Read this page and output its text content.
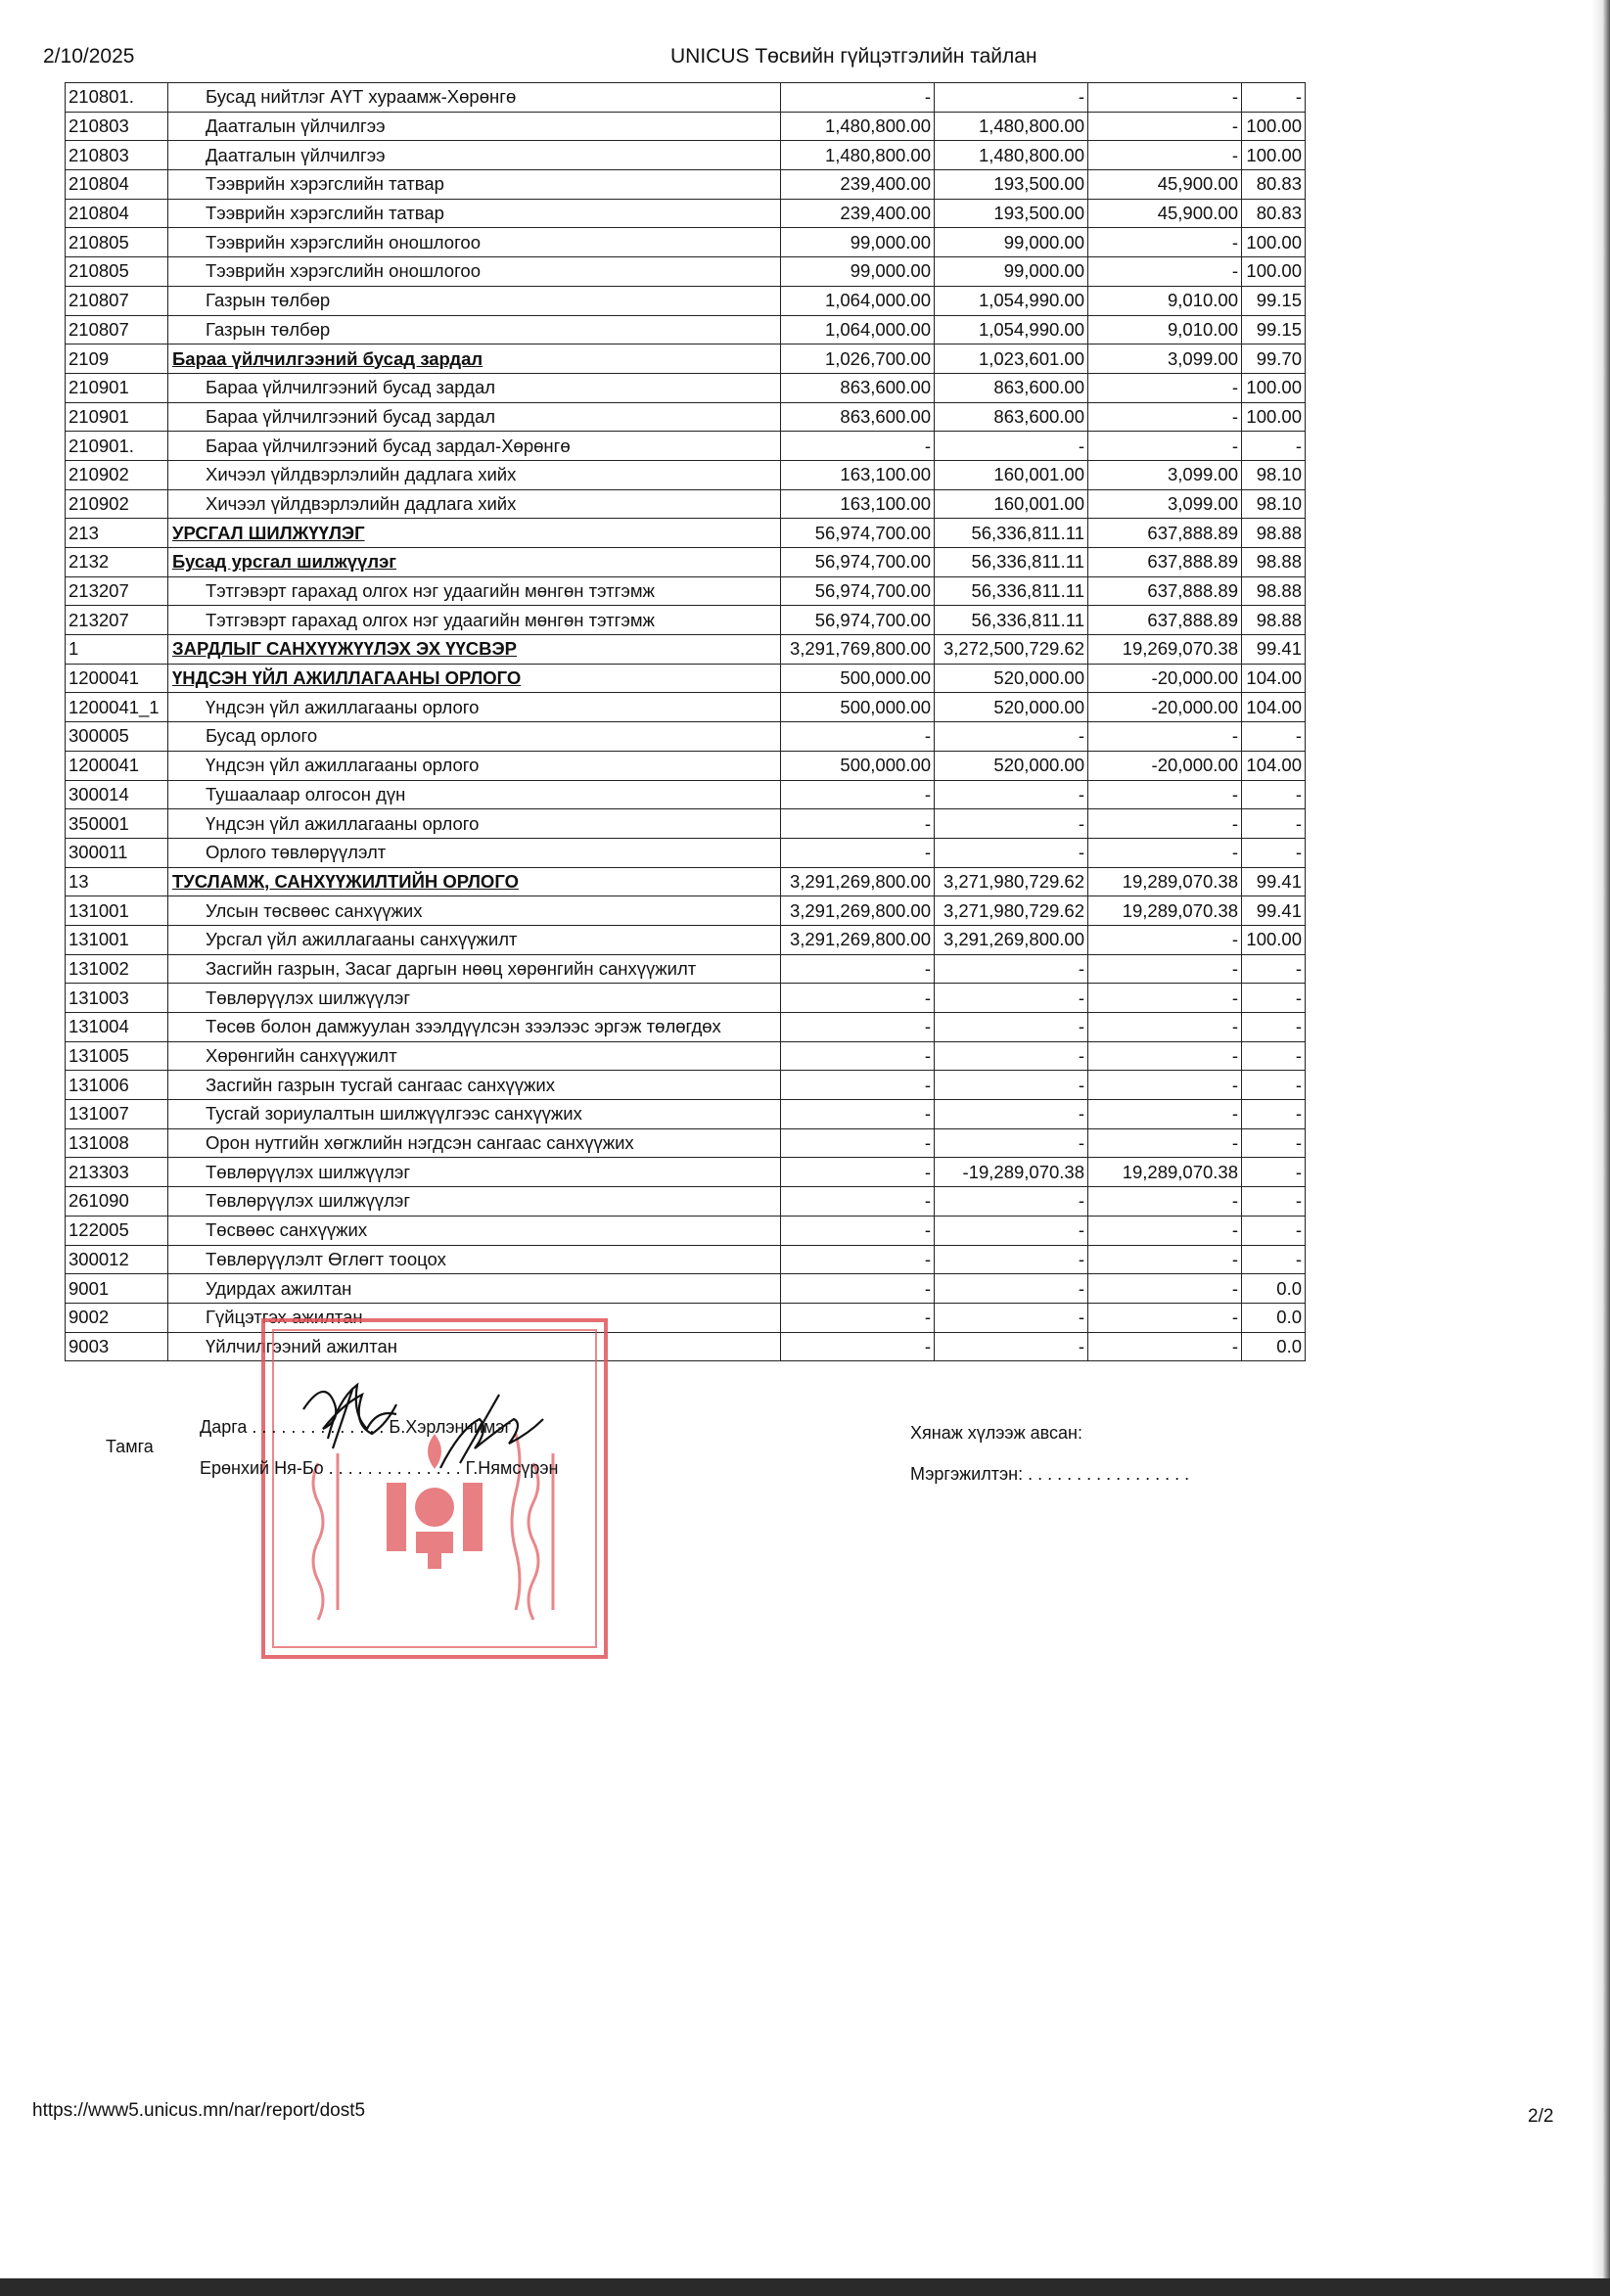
2/10/2025	UNICUS Төсвийн гүйцэтгэлийн тайлан
210801.	Бусад нийтлэг АҮТ хураамж-Хөрөнгө	-	-	-	-
210803	Даатгалын үйлчилгээ	1,480,800.00	1,480,800.00	-	100.00
210803	Даатгалын үйлчилгээ	1,480,800.00	1,480,800.00	-	100.00
210804	Тээврийн хэрэгслийн татвар	239,400.00	193,500.00	45,900.00	80.83
210804	Тээврийн хэрэгслийн татвар	239,400.00	193,500.00	45,900.00	80.83
210805	Тээврийн хэрэгслийн оношлогоо	99,000.00	99,000.00	-	100.00
210805	Тээврийн хэрэгслийн оношлогоо	99,000.00	99,000.00	-	100.00
210807	Газрын төлбөр	1,064,000.00	1,054,990.00	9,010.00	99.15
210807	Газрын төлбөр	1,064,000.00	1,054,990.00	9,010.00	99.15
2109	Бараа үйлчилгээний бусад зардал	1,026,700.00	1,023,601.00	3,099.00	99.70
210901	Бараа үйлчилгээний бусад зардал	863,600.00	863,600.00	-	100.00
210901	Бараа үйлчилгээний бусад зардал	863,600.00	863,600.00	-	100.00
210901.	Бараа үйлчилгээний бусад зардал-Хөрөнгө	-	-	-	-
210902	Хичээл үйлдвэрлэлийн дадлага хийх	163,100.00	160,001.00	3,099.00	98.10
210902	Хичээл үйлдвэрлэлийн дадлага хийх	163,100.00	160,001.00	3,099.00	98.10
213	УРСГАЛ ШИЛЖҮҮЛЭГ	56,974,700.00	56,336,811.11	637,888.89	98.88
2132	Бусад урсгал шилжүүлэг	56,974,700.00	56,336,811.11	637,888.89	98.88
213207	Тэтгэвэрт гарахад олгох нэг удаагийн мөнгөн тэтгэмж	56,974,700.00	56,336,811.11	637,888.89	98.88
213207	Тэтгэвэрт гарахад олгох нэг удаагийн мөнгөн тэтгэмж	56,974,700.00	56,336,811.11	637,888.89	98.88
1	ЗАРДЛЫГ САНХҮҮЖҮҮЛЭХ ЭХ ҮҮСВЭР	3,291,769,800.00	3,272,500,729.62	19,269,070.38	99.41
1200041	ҮНДСЭН ҮЙЛ АЖИЛЛАГААНЫ ОРЛОГО	500,000.00	520,000.00	-20,000.00	104.00
1200041_1	Үндсэн үйл ажиллагааны орлого	500,000.00	520,000.00	-20,000.00	104.00
300005	Бусад орлого	-	-	-	-
1200041	Үндсэн үйл ажиллагааны орлого	500,000.00	520,000.00	-20,000.00	104.00
300014	Тушаалаар олгосон дүн	-	-	-	-
350001	Үндсэн үйл ажиллагааны орлого	-	-	-	-
300011	Орлого төвлөрүүлэлт	-	-	-	-
13	ТУСЛАМЖ, САНХҮҮЖИЛТИЙН ОРЛОГО	3,291,269,800.00	3,271,980,729.62	19,289,070.38	99.41
131001	Улсын төсвөөс санхүүжих	3,291,269,800.00	3,271,980,729.62	19,289,070.38	99.41
131001	Урсгал үйл ажиллагааны санхүүжилт	3,291,269,800.00	3,291,269,800.00	-	100.00
131002	Засгийн газрын, Засаг даргын нөөц хөрөнгийн санхүүжилт	-	-	-	-
131003	Төвлөрүүлэх шилжүүлэг	-	-	-	-
131004	Төсөв болон дамжуулан зээлдүүлсэн зээлээс эргэж төлөгдөх	-	-	-	-
131005	Хөрөнгийн санхүүжилт	-	-	-	-
131006	Засгийн газрын тусгай сангаас санхүүжих	-	-	-	-
131007	Тусгай зориулалтын шилжүүлгээс санхүүжих	-	-	-	-
131008	Орон нутгийн хөгжлийн нэгдсэн сангаас санхүүжих	-	-	-	-
213303	Төвлөрүүлэх шилжүүлэг	-	-19,289,070.38	19,289,070.38	-
261090	Төвлөрүүлэх шилжүүлэг	-	-	-	-
122005	Төсвөөс санхүүжих	-	-	-	-
300012	Төвлөрүүлэлт Өглөгт тооцох	-	-	-	-
9001	Удирдах ажилтан	-	-	-	0.0
9002	Гүйцэтгэх ажилтан	-	-	-	0.0
9003	Үйлчилгээний ажилтан	-	-	-	0.0
Тамга
Дарга . . . . . . . . . . . . . . Б.Хэрлэнчимэг
Ерөнхий Ня-Бо . . . . . . . . . . . . . . Г.Нямсүрэн
Хянаж хүлээж авсан:
Мэргэжилтэн: . . . . . . . . . . . . . . . . .
https://www5.unicus.mn/nar/report/dost5	2/2
